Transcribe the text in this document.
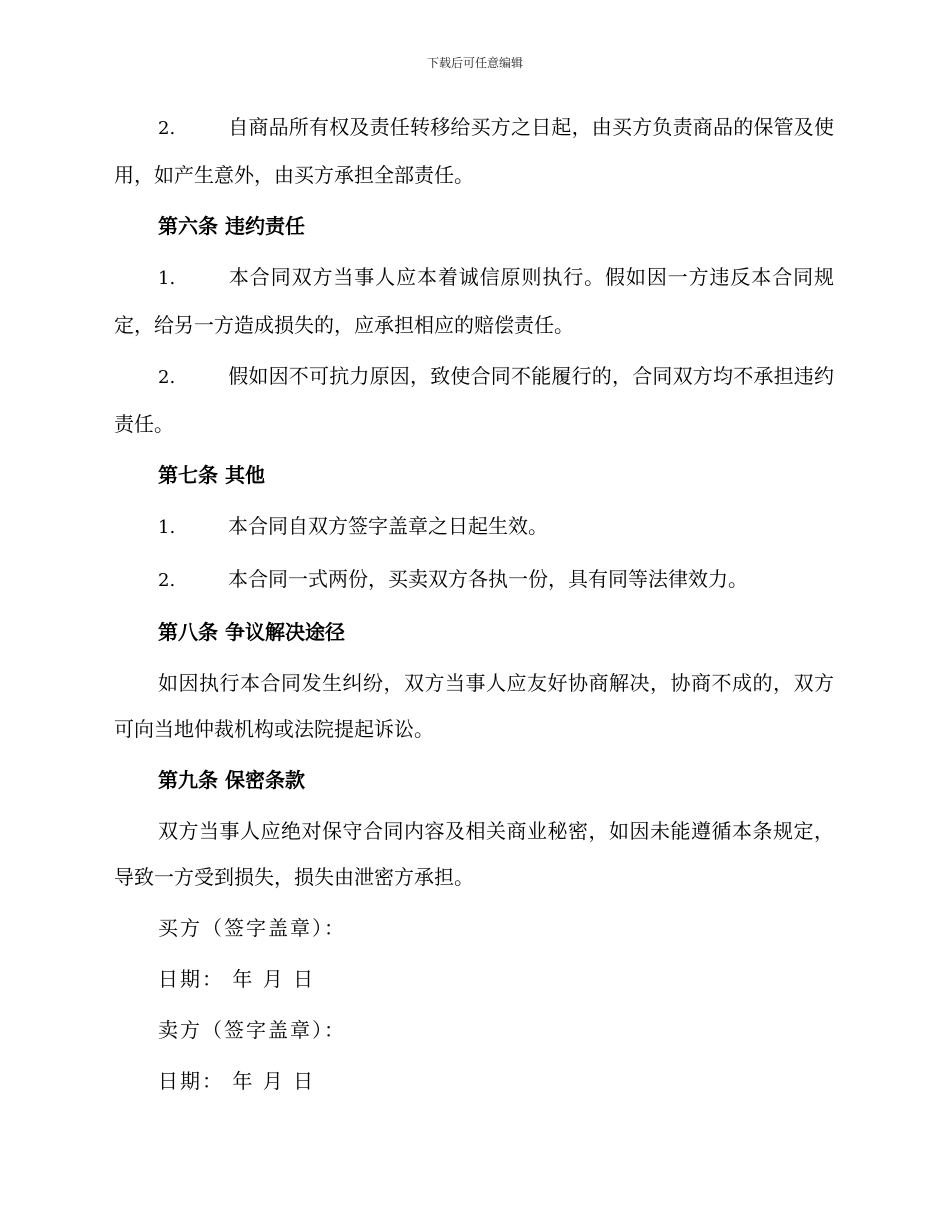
下载后可任意编辑

2.	自商品所有权及责任转移给买方之日起，由买方负责商品的保管及使用，如产生意外，由买方承担全部责任。

第六条 违约责任

1.	本合同双方当事人应本着诚信原则执行。假如因一方违反本合同规定，给另一方造成损失的，应承担相应的赔偿责任。

2.	假如因不可抗力原因，致使合同不能履行的，合同双方均不承担违约责任。

第七条 其他

1.	本合同自双方签字盖章之日起生效。

2.	本合同一式两份，买卖双方各执一份，具有同等法律效力。

第八条 争议解决途径

如因执行本合同发生纠纷，双方当事人应友好协商解决，协商不成的，双方可向当地仲裁机构或法院提起诉讼。

第九条 保密条款

双方当事人应绝对保守合同内容及相关商业秘密，如因未能遵循本条规定，导致一方受到损失，损失由泄密方承担。

买方（签字盖章）：
日期： 年 月 日
卖方（签字盖章）：
日期： 年 月 日
